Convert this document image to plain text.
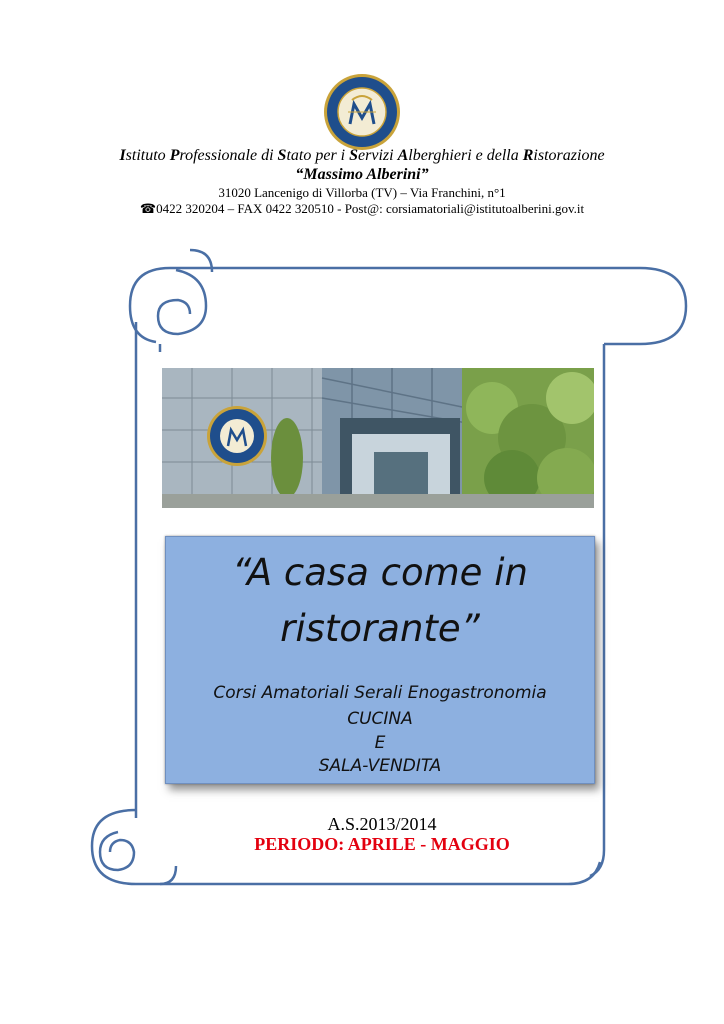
Istituto Professionale di Stato per i Servizi Alberghieri e della Ristorazione
“Massimo Alberini”
31020 Lancenigo di Villorba (TV) – Via Franchini, n°1
☎0422 320204 – FAX 0422 320510 - Post@: corsiamatoriali@istitutoalberini.gov.it
“A casa come in
ristorante”
Corsi Amatoriali Serali Enogastronomia
CUCINA
E
SALA-VENDITA
A.S.2013/2014
PERIODO: APRILE - MAGGIO
